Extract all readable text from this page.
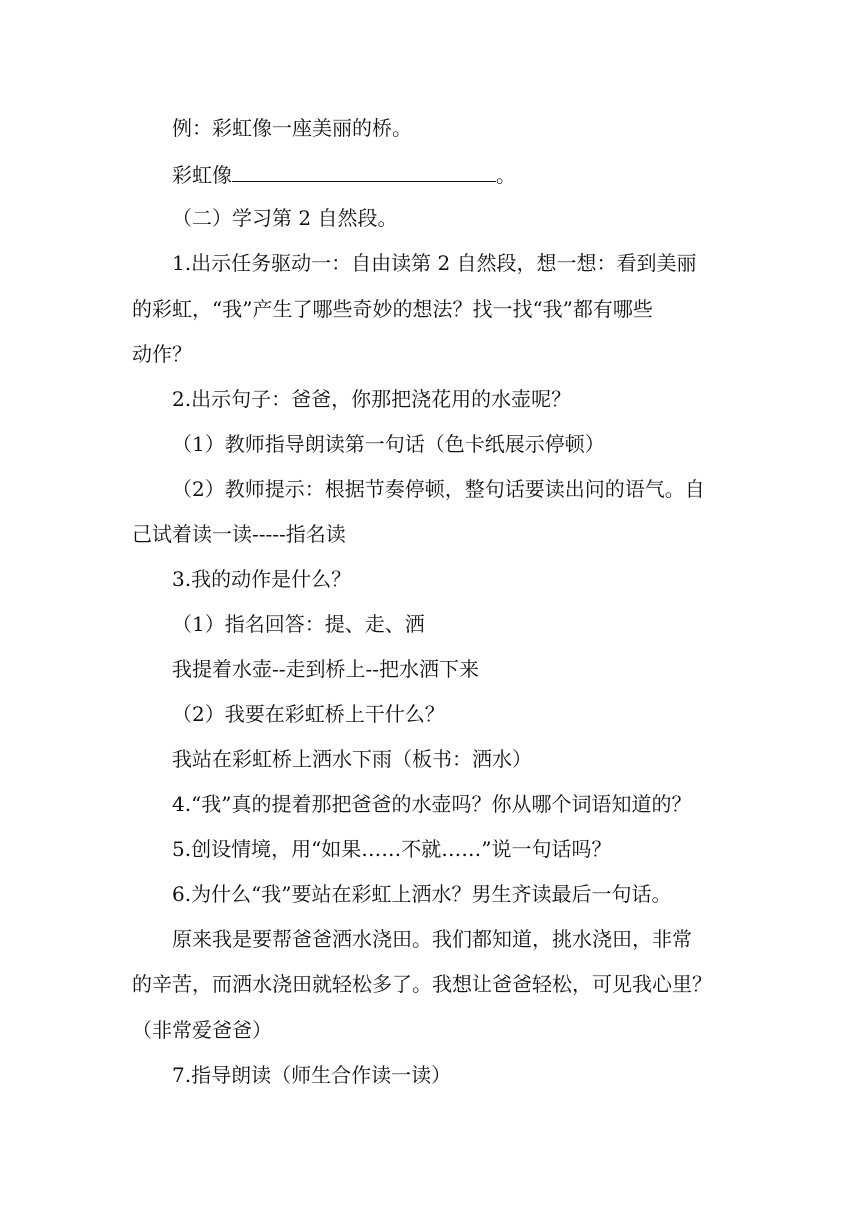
例：彩虹像一座美丽的桥。
彩虹像	。
（二）学习第 2 自然段。
1.出示任务驱动一：自由读第 2 自然段，想一想：看到美丽
的彩虹，“我”产生了哪些奇妙的想法？找一找“我”都有哪些
动作？
2.出示句子：爸爸，你那把浇花用的水壶呢？
（1）教师指导朗读第一句话（色卡纸展示停顿）
（2）教师提示：根据节奏停顿，整句话要读出问的语气。自
己试着读一读-----指名读
3.我的动作是什么？
（1）指名回答：提、走、洒
我提着水壶--走到桥上--把水洒下来
（2）我要在彩虹桥上干什么？
我站在彩虹桥上洒水下雨（板书：洒水）
4.“我”真的提着那把爸爸的水壶吗？你从哪个词语知道的？
5.创设情境，用“如果……不就……”说一句话吗？
6.为什么“我”要站在彩虹上洒水？男生齐读最后一句话。
原来我是要帮爸爸洒水浇田。我们都知道，挑水浇田，非常
的辛苦，而洒水浇田就轻松多了。我想让爸爸轻松，可见我心里？
（非常爱爸爸）
7.指导朗读（师生合作读一读）
